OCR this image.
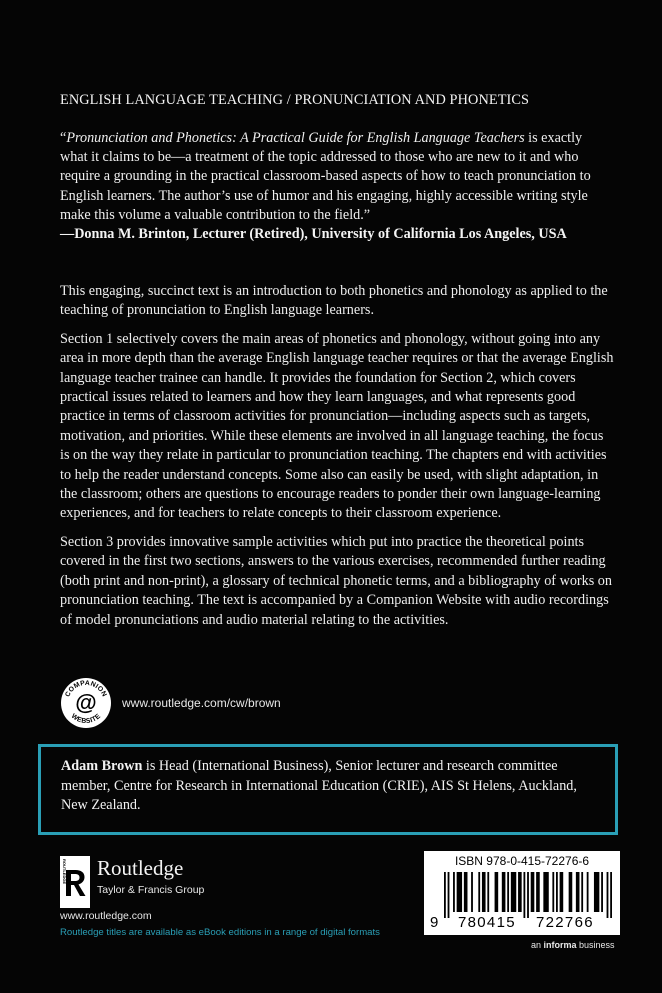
ENGLISH LANGUAGE TEACHING / PRONUNCIATION AND PHONETICS
“Pronunciation and Phonetics: A Practical Guide for English Language Teachers is exactly what it claims to be—a treatment of the topic addressed to those who are new to it and who require a grounding in the practical classroom-based aspects of how to teach pronunciation to English learners. The author’s use of humor and his engaging, highly accessible writing style make this volume a valuable contribution to the field.”
—Donna M. Brinton, Lecturer (Retired), University of California Los Angeles, USA

This engaging, succinct text is an introduction to both phonetics and phonology as applied to the teaching of pronunciation to English language learners.

Section 1 selectively covers the main areas of phonetics and phonology, without going into any area in more depth than the average English language teacher requires or that the average English language teacher trainee can handle. It provides the foundation for Section 2, which covers practical issues related to learners and how they learn languages, and what represents good practice in terms of classroom activities for pronunciation—including aspects such as targets, motivation, and priorities. While these elements are involved in all language teaching, the focus is on the way they relate in particular to pronunciation teaching. The chapters end with activities to help the reader understand concepts. Some also can easily be used, with slight adaptation, in the classroom; others are questions to encourage readers to ponder their own language-learning experiences, and for teachers to relate concepts to their classroom experience.

Section 3 provides innovative sample activities which put into practice the theoretical points covered in the first two sections, answers to the various exercises, recommended further reading (both print and non-print), a glossary of technical phonetic terms, and a bibliography of works on pronunciation teaching. The text is accompanied by a Companion Website with audio recordings of model pronunciations and audio material relating to the activities.

COMPANION
WEBSITE
@ www.routledge.com/cw/brown
Adam Brown is Head (International Business), Senior lecturer and research committee member, Centre for Research in International Education (CRIE), AIS St Helens, Auckland, New Zealand.
ROUTLEDGE Routledge
Taylor & Francis Group
www.routledge.com
Routledge titles are available as eBook editions in a range of digital formats
ISBN 978-0-415-72276-6
9 780415 722766
an informa business
